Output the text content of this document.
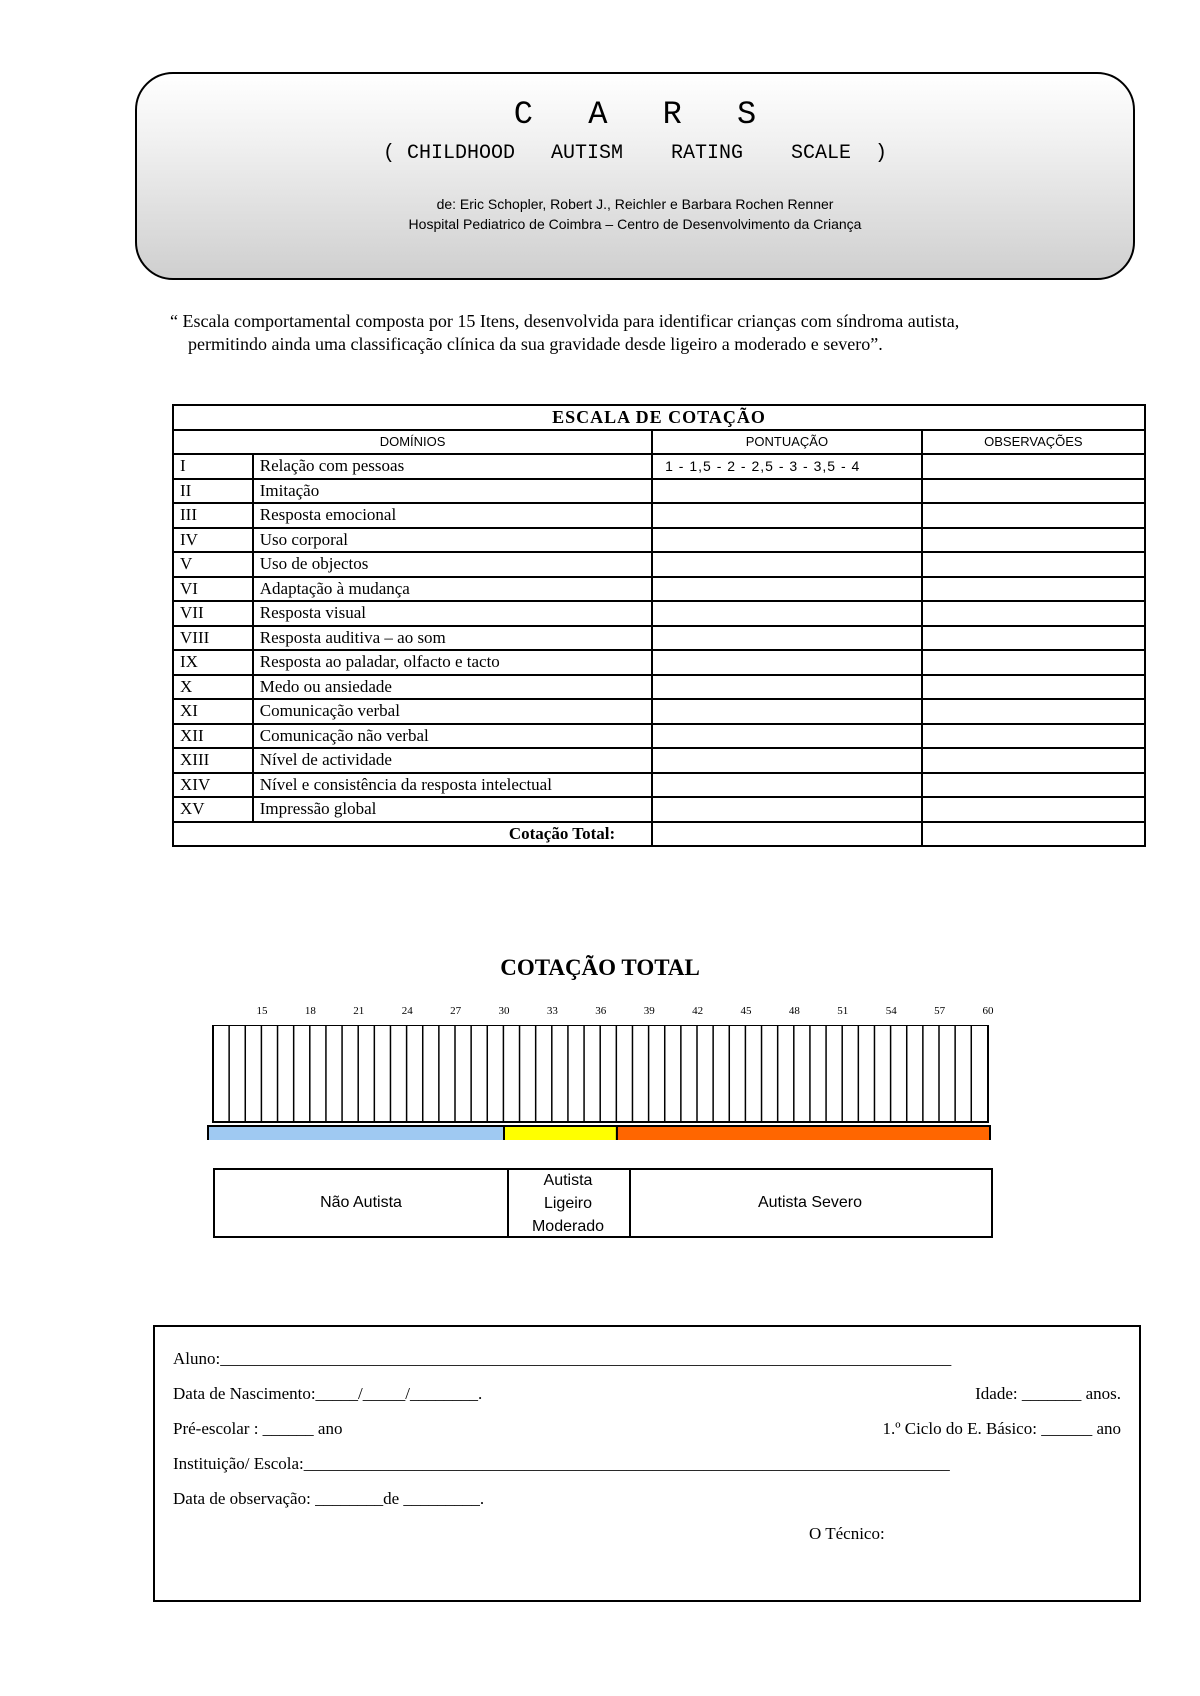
C A R S
( CHILDHOOD   AUTISM    RATING    SCALE  )
de: Eric Schopler, Robert J., Reichler e Barbara Rochen Renner
Hospital Pediatrico de Coimbra – Centro de Desenvolvimento da Criança
“ Escala comportamental composta por 15 Itens, desenvolvida para identificar crianças com síndroma autista,
permitindo ainda uma classificação clínica da sua gravidade desde ligeiro a moderado e severo”.
ESCALA DE COTAÇÃO			
DOMÍNIOS		PONTUAÇÃO	OBSERVAÇÕES
I	Relação com pessoas	1 - 1,5 - 2 - 2,5 - 3 - 3,5 - 4	
II	Imitação		
III	Resposta emocional		
IV	Uso corporal		
V	Uso de objectos		
VI	Adaptação à mudança		
VII	Resposta visual		
VIII	Resposta auditiva – ao som		
IX	Resposta ao paladar, olfacto e tacto		
X	Medo ou ansiedade		
XI	Comunicação verbal		
XII	Comunicação não verbal		
XIII	Nível de actividade		
XIV	Nível e consistência da resposta intelectual		
XV	Impressão global		
Cotação Total:			
COTAÇÃO TOTAL
15	18	21	24	27	30	33	36	39	42	45	48	51	54	57	60
Não Autista
Autista
Ligeiro
Moderado
Autista Severo
Aluno:______________________________________________________________________________________
Data de Nascimento:_____/_____/________.	Idade: _______ anos.
Pré-escolar : ______ ano	1.º Ciclo do E. Básico: ______ ano
Instituição/ Escola:____________________________________________________________________________
Data de observação: ________de _________.
O Técnico:
